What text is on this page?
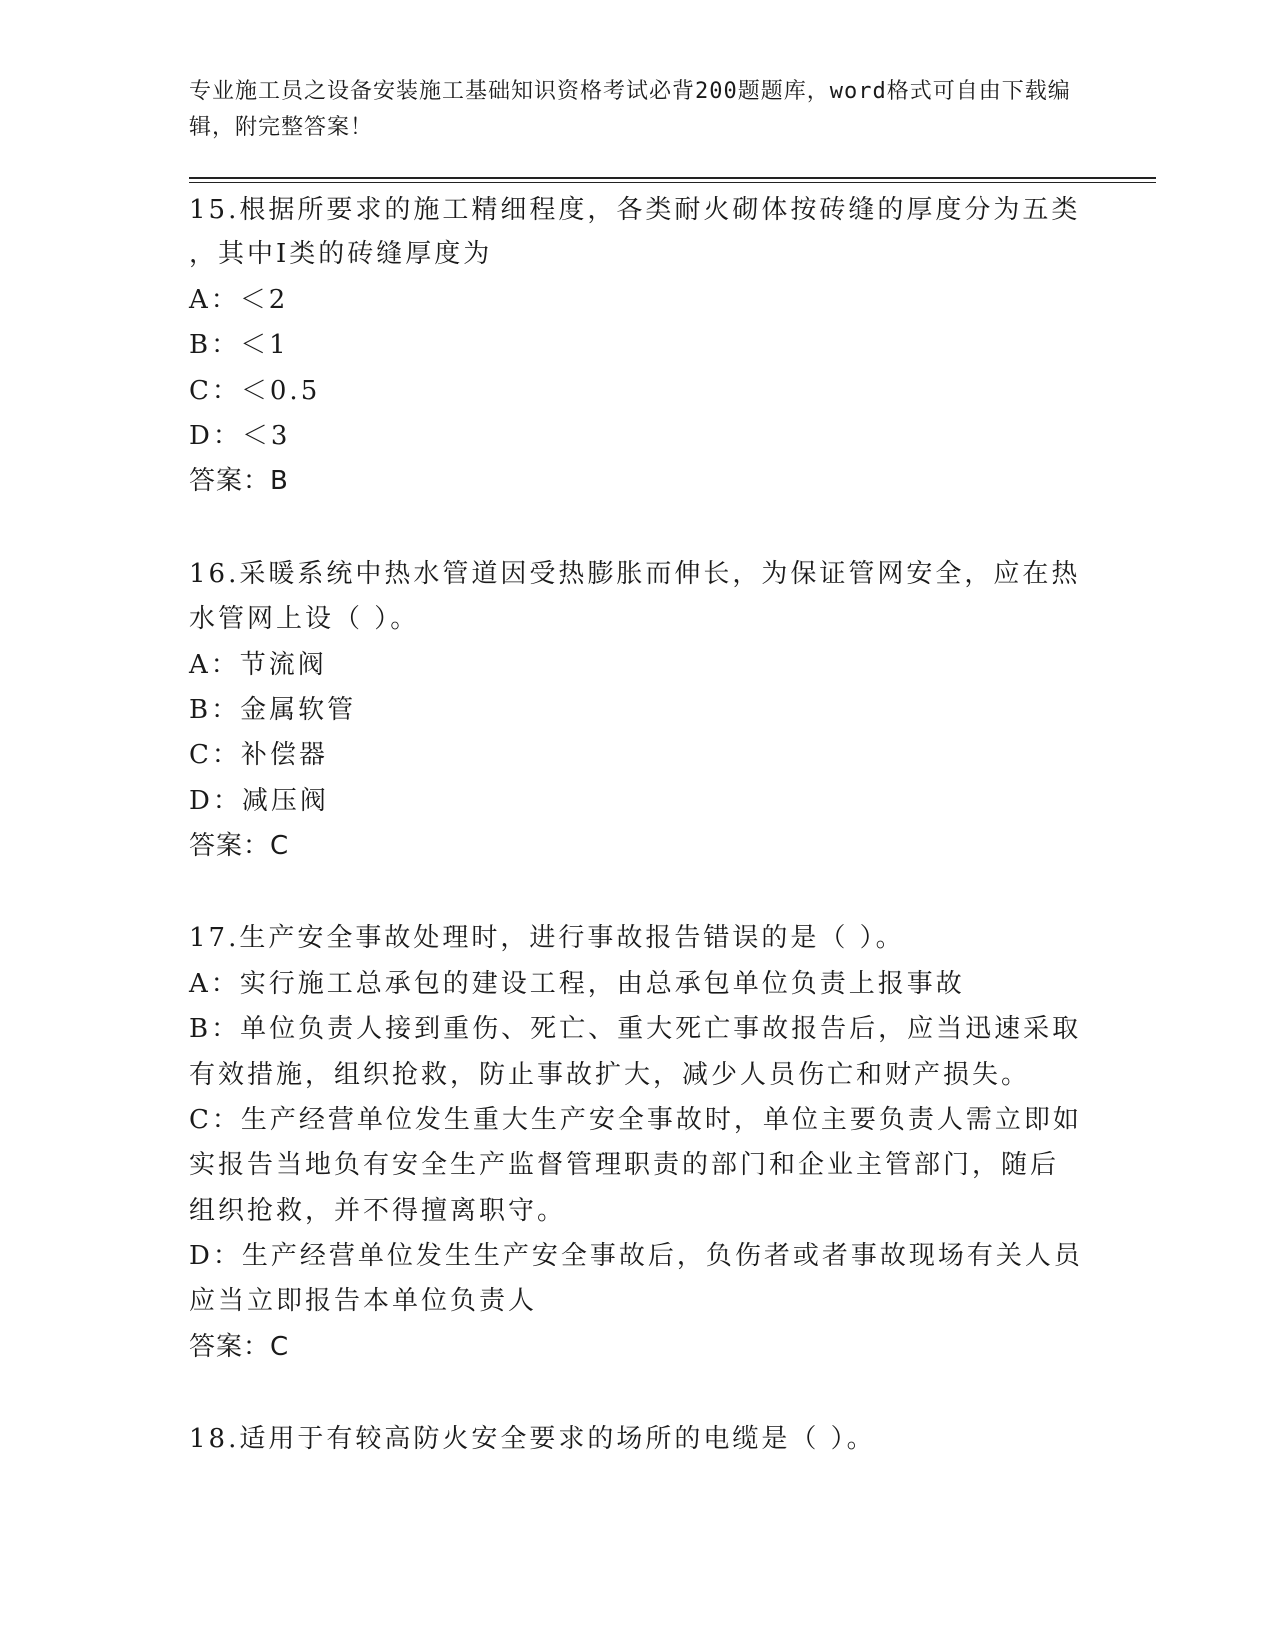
专业施工员之设备安装施工基础知识资格考试必背200题题库，word格式可自由下载编辑，附完整答案！

15.根据所要求的施工精细程度，各类耐火砌体按砖缝的厚度分为五类

，其中Ⅰ类的砖缝厚度为

A：＜2

B：＜1

C：＜0.5

D：＜3

答案：B

16.采暖系统中热水管道因受热膨胀而伸长，为保证管网安全，应在热

水管网上设（ ）。

A：节流阀

B：金属软管

C：补偿器

D：减压阀

答案：C

17.生产安全事故处理时，进行事故报告错误的是（ ）。

A：实行施工总承包的建设工程，由总承包单位负责上报事故

B：单位负责人接到重伤、死亡、重大死亡事故报告后，应当迅速采取

有效措施，组织抢救，防止事故扩大，减少人员伤亡和财产损失。

C：生产经营单位发生重大生产安全事故时，单位主要负责人需立即如

实报告当地负有安全生产监督管理职责的部门和企业主管部门，随后

组织抢救，并不得擅离职守。

D：生产经营单位发生生产安全事故后，负伤者或者事故现场有关人员

应当立即报告本单位负责人

答案：C

18.适用于有较高防火安全要求的场所的电缆是（ ）。
